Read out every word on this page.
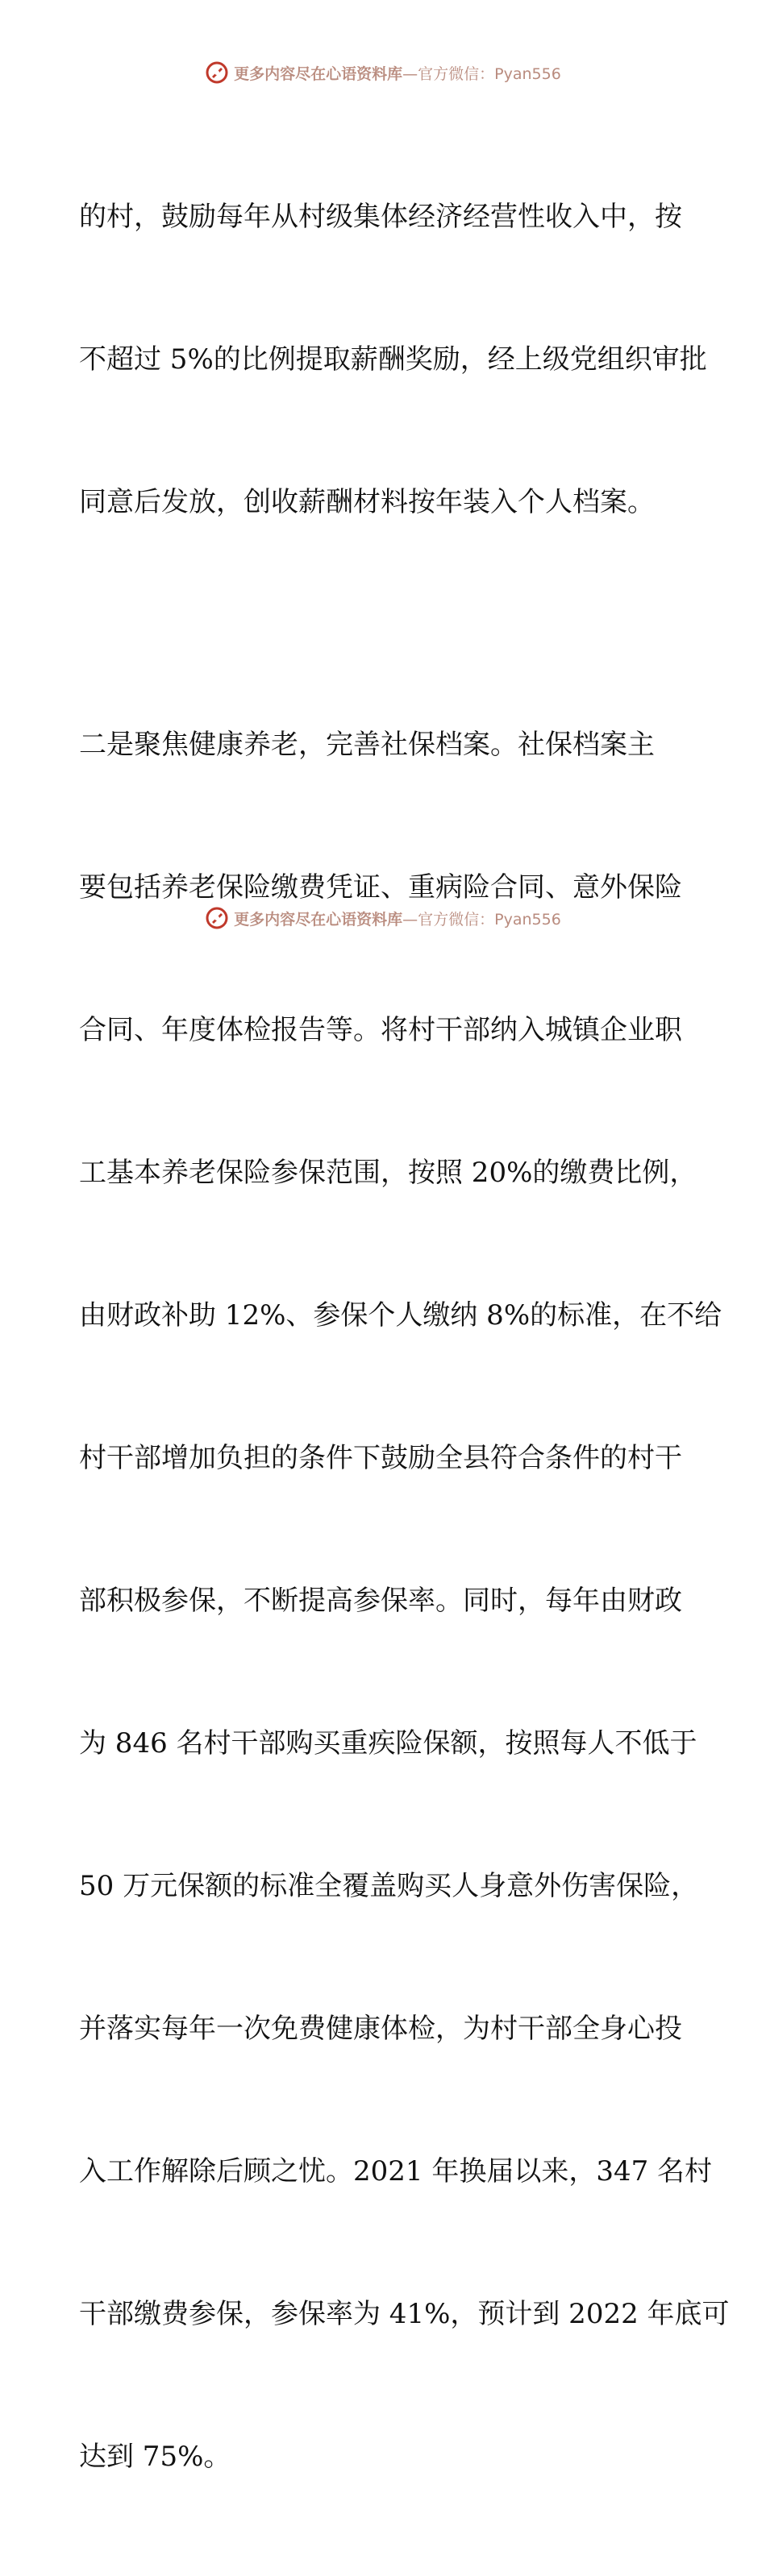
更多内容尽在心语资料库 —官方微信：Pyan556

的村，鼓励每年从村级集体经济经营性收入中，按

不超过 5%的比例提取薪酬奖励，经上级党组织审批

同意后发放，创收薪酬材料按年装入个人档案。

二是聚焦健康养老，完善社保档案。社保档案主

要包括养老保险缴费凭证、重病险合同、意外保险

合同、年度体检报告等。将村干部纳入城镇企业职

工基本养老保险参保范围，按照 20%的缴费比例，

由财政补助 12%、参保个人缴纳 8%的标准，在不给

村干部增加负担的条件下鼓励全县符合条件的村干

部积极参保，不断提高参保率。同时，每年由财政

为 846 名村干部购买重疾险保额，按照每人不低于

50 万元保额的标准全覆盖购买人身意外伤害保险，

并落实每年一次免费健康体检，为村干部全身心投

入工作解除后顾之忧。2021 年换届以来，347 名村

干部缴费参保，参保率为 41%，预计到 2022 年底可

达到 75%。

更多内容尽在心语资料库 —官方微信：Pyan556
